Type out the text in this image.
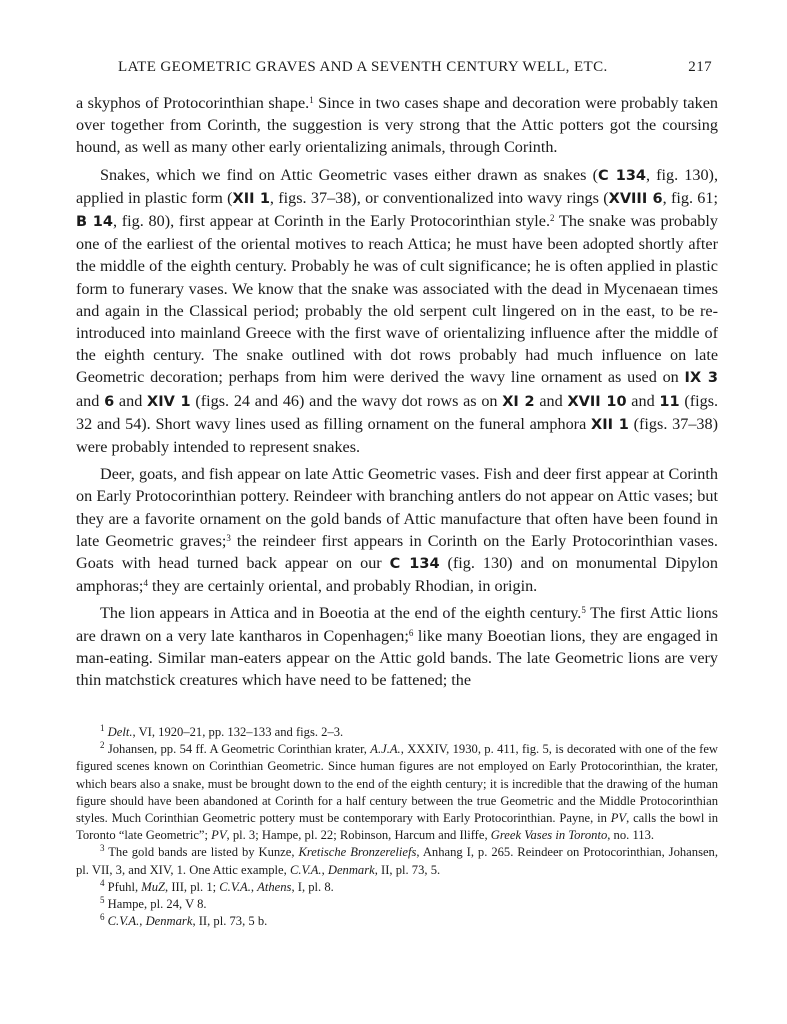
LATE GEOMETRIC GRAVES AND A SEVENTH CENTURY WELL, ETC.	217

a skyphos of Protocorinthian shape.$^1$ Since in two cases shape and decoration were probably taken over together from Corinth, the suggestion is very strong that the Attic potters got the coursing hound, as well as many other early orientalizing animals, through Corinth.

Snakes, which we find on Attic Geometric vases either drawn as snakes (C 134, fig. 130), applied in plastic form (XII 1, figs. 37–38), or conventionalized into wavy rings (XVIII 6, fig. 61; B 14, fig. 80), first appear at Corinth in the Early Protocorinthian style.$^2$ The snake was probably one of the earliest of the oriental motives to reach Attica; he must have been adopted shortly after the middle of the eighth century. Probably he was of cult significance; he is often applied in plastic form to funerary vases. We know that the snake was associated with the dead in Mycenaean times and again in the Classical period; probably the old serpent cult lingered on in the east, to be re-introduced into mainland Greece with the first wave of orientalizing influence after the middle of the eighth century. The snake outlined with dot rows probably had much influence on late Geometric decoration; perhaps from him were derived the wavy line ornament as used on IX 3 and 6 and XIV 1 (figs. 24 and 46) and the wavy dot rows as on XI 2 and XVII 10 and 11 (figs. 32 and 54). Short wavy lines used as filling ornament on the funeral amphora XII 1 (figs. 37–38) were probably intended to represent snakes.

Deer, goats, and fish appear on late Attic Geometric vases. Fish and deer first appear at Corinth on Early Protocorinthian pottery. Reindeer with branching antlers do not appear on Attic vases; but they are a favorite ornament on the gold bands of Attic manufacture that often have been found in late Geometric graves;$^3$ the reindeer first appears in Corinth on the Early Protocorinthian vases. Goats with head turned back appear on our C 134 (fig. 130) and on monumental Dipylon amphoras;$^4$ they are certainly oriental, and probably Rhodian, in origin.

The lion appears in Attica and in Boeotia at the end of the eighth century.$^5$ The first Attic lions are drawn on a very late kantharos in Copenhagen;$^6$ like many Boeotian lions, they are engaged in man-eating. Similar man-eaters appear on the Attic gold bands. The late Geometric lions are very thin matchstick creatures which have need to be fattened; the

$^1$ Delt., VI, 1920–21, pp. 132–133 and figs. 2–3.

$^2$ Johansen, pp. 54 ff. A Geometric Corinthian krater, A.J.A., XXXIV, 1930, p. 411, fig. 5, is decorated with one of the few figured scenes known on Corinthian Geometric. Since human figures are not employed on Early Protocorinthian, the krater, which bears also a snake, must be brought down to the end of the eighth century; it is incredible that the drawing of the human figure should have been abandoned at Corinth for a half century between the true Geometric and the Middle Protocorinthian styles. Much Corinthian Geometric pottery must be contemporary with Early Protocorinthian. Payne, in PV, calls the bowl in Toronto “late Geometric”; PV, pl. 3; Hampe, pl. 22; Robinson, Harcum and Iliffe, Greek Vases in Toronto, no. 113.

$^3$ The gold bands are listed by Kunze, Kretische Bronzereliefs, Anhang I, p. 265. Reindeer on Protocorinthian, Johansen, pl. VII, 3, and XIV, 1. One Attic example, C.V.A., Denmark, II, pl. 73, 5.

$^4$ Pfuhl, MuZ, III, pl. 1; C.V.A., Athens, I, pl. 8.

$^5$ Hampe, pl. 24, V 8.

$^6$ C.V.A., Denmark, II, pl. 73, 5 b.
